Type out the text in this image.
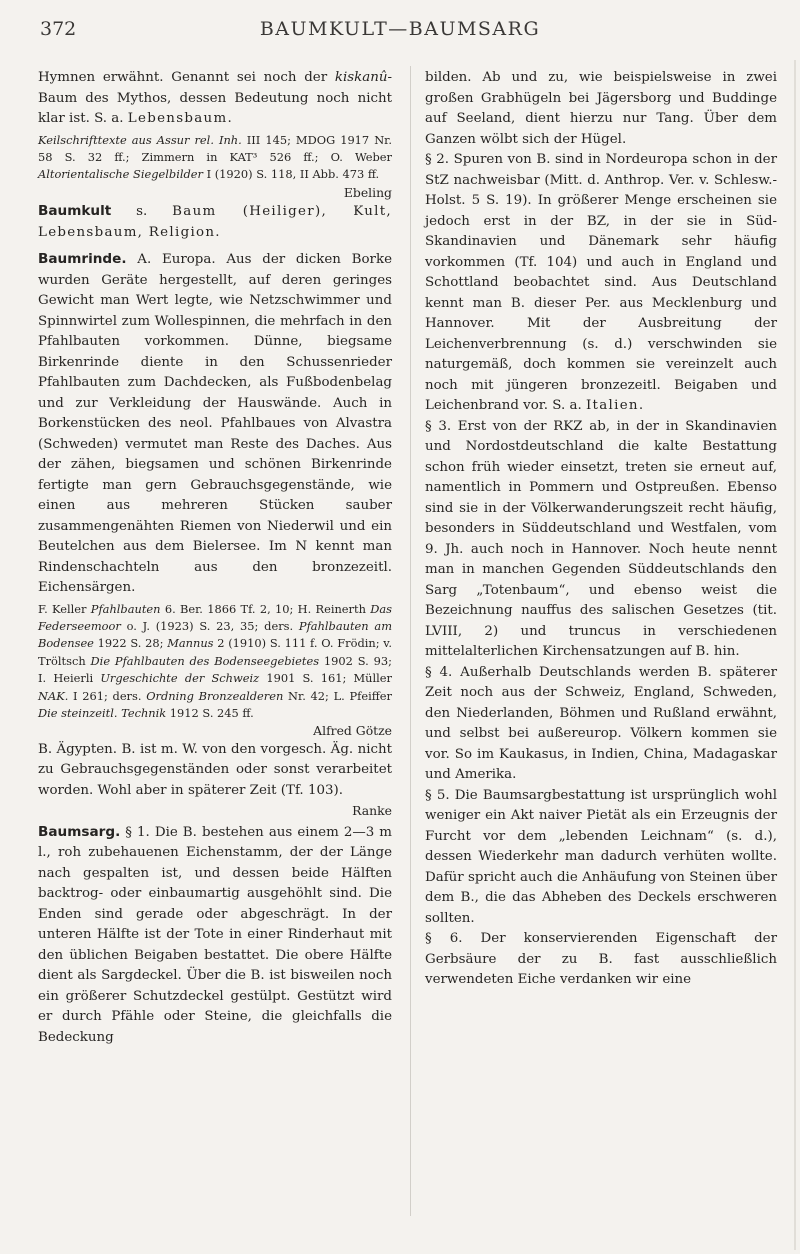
372	BAUMKULT—BAUMSARG

Hymnen erwähnt. Genannt sei noch der kiskanû-Baum des Mythos, dessen Bedeutung noch nicht klar ist. S. a. Lebensbaum.

Keilschrifttexte aus Assur rel. Inh. III 145; MDOG 1917 Nr. 58 S. 32 ff.; Zimmern in KAT³ 526 ff.; O. Weber Altorientalische Siegelbilder I (1920) S. 118, II Abb. 473 ff.
Ebeling

Baumkult s. Baum (Heiliger), Kult, Lebensbaum, Religion.

Baumrinde. A. Europa. Aus der dicken Borke wurden Geräte hergestellt, auf deren geringes Gewicht man Wert legte, wie Netzschwimmer und Spinnwirtel zum Wollespinnen, die mehrfach in den Pfahlbauten vorkommen. Dünne, biegsame Birkenrinde diente in den Schussenrieder Pfahlbauten zum Dachdecken, als Fußbodenbelag und zur Verkleidung der Hauswände. Auch in Borkenstücken des neol. Pfahlbaues von Alvastra (Schweden) vermutet man Reste des Daches. Aus der zähen, biegsamen und schönen Birkenrinde fertigte man gern Gebrauchsgegenstände, wie einen aus mehreren Stücken sauber zusammengenähten Riemen von Niederwil und ein Beutelchen aus dem Bielersee. Im N kennt man Rindenschachteln aus den bronzezeitl. Eichensärgen.

F. Keller Pfahlbauten 6. Ber. 1866 Tf. 2, 10; H. Reinerth Das Federseemoor o. J. (1923) S. 23, 35; ders. Pfahlbauten am Bodensee 1922 S. 28; Mannus 2 (1910) S. 111 f. O. Frödin; v. Tröltsch Die Pfahlbauten des Bodenseegebietes 1902 S. 93; I. Heierli Urgeschichte der Schweiz 1901 S. 161; Müller NAK. I 261; ders. Ordning Bronzealderen Nr. 42; L. Pfeiffer Die steinzeitl. Technik 1912 S. 245 ff.
Alfred Götze

B. Ägypten. B. ist m. W. von den vorgesch. Äg. nicht zu Gebrauchsgegenständen oder sonst verarbeitet worden. Wohl aber in späterer Zeit (Tf. 103).
Ranke

Baumsarg. § 1. Die B. bestehen aus einem 2—3 m l., roh zubehauenen Eichenstamm, der der Länge nach gespalten ist, und dessen beide Hälften backtrog- oder einbaumartig ausgehöhlt sind. Die Enden sind gerade oder abgeschrägt. In der unteren Hälfte ist der Tote in einer Rinderhaut mit den üblichen Beigaben bestattet. Die obere Hälfte dient als Sargdeckel. Über die B. ist bisweilen noch ein größerer Schutzdeckel gestülpt. Gestützt wird er durch Pfähle oder Steine, die gleichfalls die Bedeckung

bilden. Ab und zu, wie beispielsweise in zwei großen Grabhügeln bei Jägersborg und Buddinge auf Seeland, dient hierzu nur Tang. Über dem Ganzen wölbt sich der Hügel.

§ 2. Spuren von B. sind in Nordeuropa schon in der StZ nachweisbar (Mitt. d. Anthrop. Ver. v. Schlesw.-Holst. 5 S. 19). In größerer Menge erscheinen sie jedoch erst in der BZ, in der sie in Süd-Skandinavien und Dänemark sehr häufig vorkommen (Tf. 104) und auch in England und Schottland beobachtet sind. Aus Deutschland kennt man B. dieser Per. aus Mecklenburg und Hannover. Mit der Ausbreitung der Leichenverbrennung (s. d.) verschwinden sie naturgemäß, doch kommen sie vereinzelt auch noch mit jüngeren bronzezeitl. Beigaben und Leichenbrand vor. S. a. Italien.

§ 3. Erst von der RKZ ab, in der in Skandinavien und Nordostdeutschland die kalte Bestattung schon früh wieder einsetzt, treten sie erneut auf, namentlich in Pommern und Ostpreußen. Ebenso sind sie in der Völkerwanderungszeit recht häufig, besonders in Süddeutschland und Westfalen, vom 9. Jh. auch noch in Hannover. Noch heute nennt man in manchen Gegenden Süddeutschlands den Sarg „Totenbaum“, und ebenso weist die Bezeichnung nauffus des salischen Gesetzes (tit. LVIII, 2) und truncus in verschiedenen mittelalterlichen Kirchensatzungen auf B. hin.

§ 4. Außerhalb Deutschlands werden B. späterer Zeit noch aus der Schweiz, England, Schweden, den Niederlanden, Böhmen und Rußland erwähnt, und selbst bei außereurop. Völkern kommen sie vor. So im Kaukasus, in Indien, China, Madagaskar und Amerika.

§ 5. Die Baumsargbestattung ist ursprünglich wohl weniger ein Akt naiver Pietät als ein Erzeugnis der Furcht vor dem „lebenden Leichnam“ (s. d.), dessen Wiederkehr man dadurch verhüten wollte. Dafür spricht auch die Anhäufung von Steinen über dem B., die das Abheben des Deckels erschweren sollten.

§ 6. Der konservierenden Eigenschaft der Gerbsäure der zu B. fast ausschließlich verwendeten Eiche verdanken wir eine
